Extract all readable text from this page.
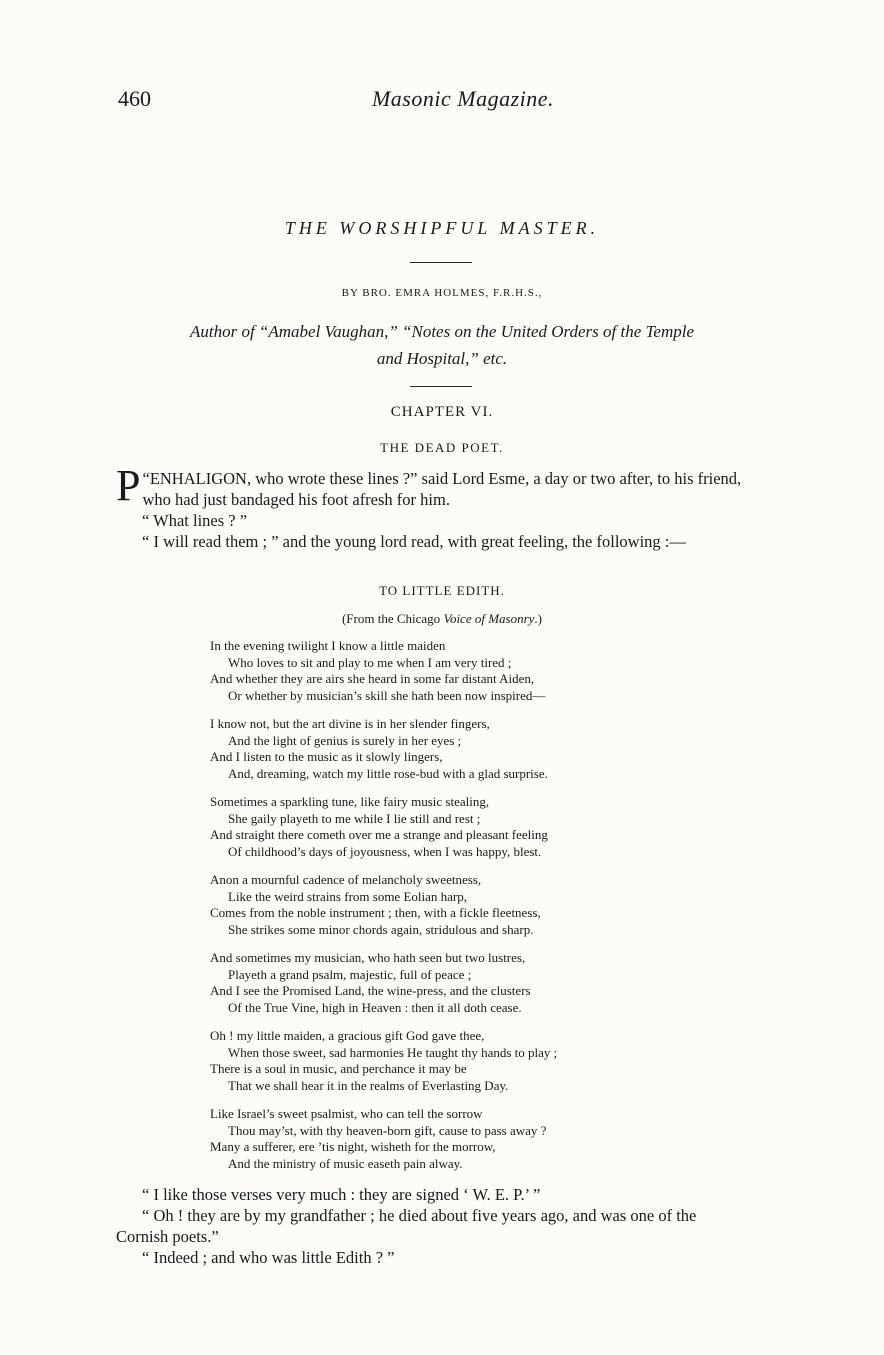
460	Masonic Magazine.
THE WORSHIPFUL MASTER.
BY BRO. EMRA HOLMES, F.R.H.S.,
Author of “Amabel Vaughan,” “Notes on the United Orders of the Temple
and Hospital,” etc.
CHAPTER VI.
THE DEAD POET.

“
P ENHALIGON, who wrote these lines ?” said Lord Esme, a day or two after, to his friend, who had just bandaged his foot afresh for him.

“ What lines ? ”

“ I will read them ; ” and the young lord read, with great feeling, the following :—

TO LITTLE EDITH.
(From the Chicago Voice of Masonry.)
In the evening twilight I know a little maiden
Who loves to sit and play to me when I am very tired ;
And whether they are airs she heard in some far distant Aiden,
Or whether by musician’s skill she hath been now inspired—
I know not, but the art divine is in her slender fingers,
And the light of genius is surely in her eyes ;
And I listen to the music as it slowly lingers,
And, dreaming, watch my little rose-bud with a glad surprise.
Sometimes a sparkling tune, like fairy music stealing,
She gaily playeth to me while I lie still and rest ;
And straight there cometh over me a strange and pleasant feeling
Of childhood’s days of joyousness, when I was happy, blest.
Anon a mournful cadence of melancholy sweetness,
Like the weird strains from some Eolian harp,
Comes from the noble instrument ; then, with a fickle fleetness,
She strikes some minor chords again, stridulous and sharp.
And sometimes my musician, who hath seen but two lustres,
Playeth a grand psalm, majestic, full of peace ;
And I see the Promised Land, the wine-press, and the clusters
Of the True Vine, high in Heaven : then it all doth cease.
Oh ! my little maiden, a gracious gift God gave thee,
When those sweet, sad harmonies He taught thy hands to play ;
There is a soul in music, and perchance it may be
That we shall hear it in the realms of Everlasting Day.
Like Israel’s sweet psalmist, who can tell the sorrow
Thou may’st, with thy heaven-born gift, cause to pass away ?
Many a sufferer, ere ’tis night, wisheth for the morrow,
And the ministry of music easeth pain alway.

“ I like those verses very much : they are signed ‘ W. E. P.’ ”

“ Oh ! they are by my grandfather ; he died about five years ago, and was one of the Cornish poets.”

“ Indeed ; and who was little Edith ? ”
